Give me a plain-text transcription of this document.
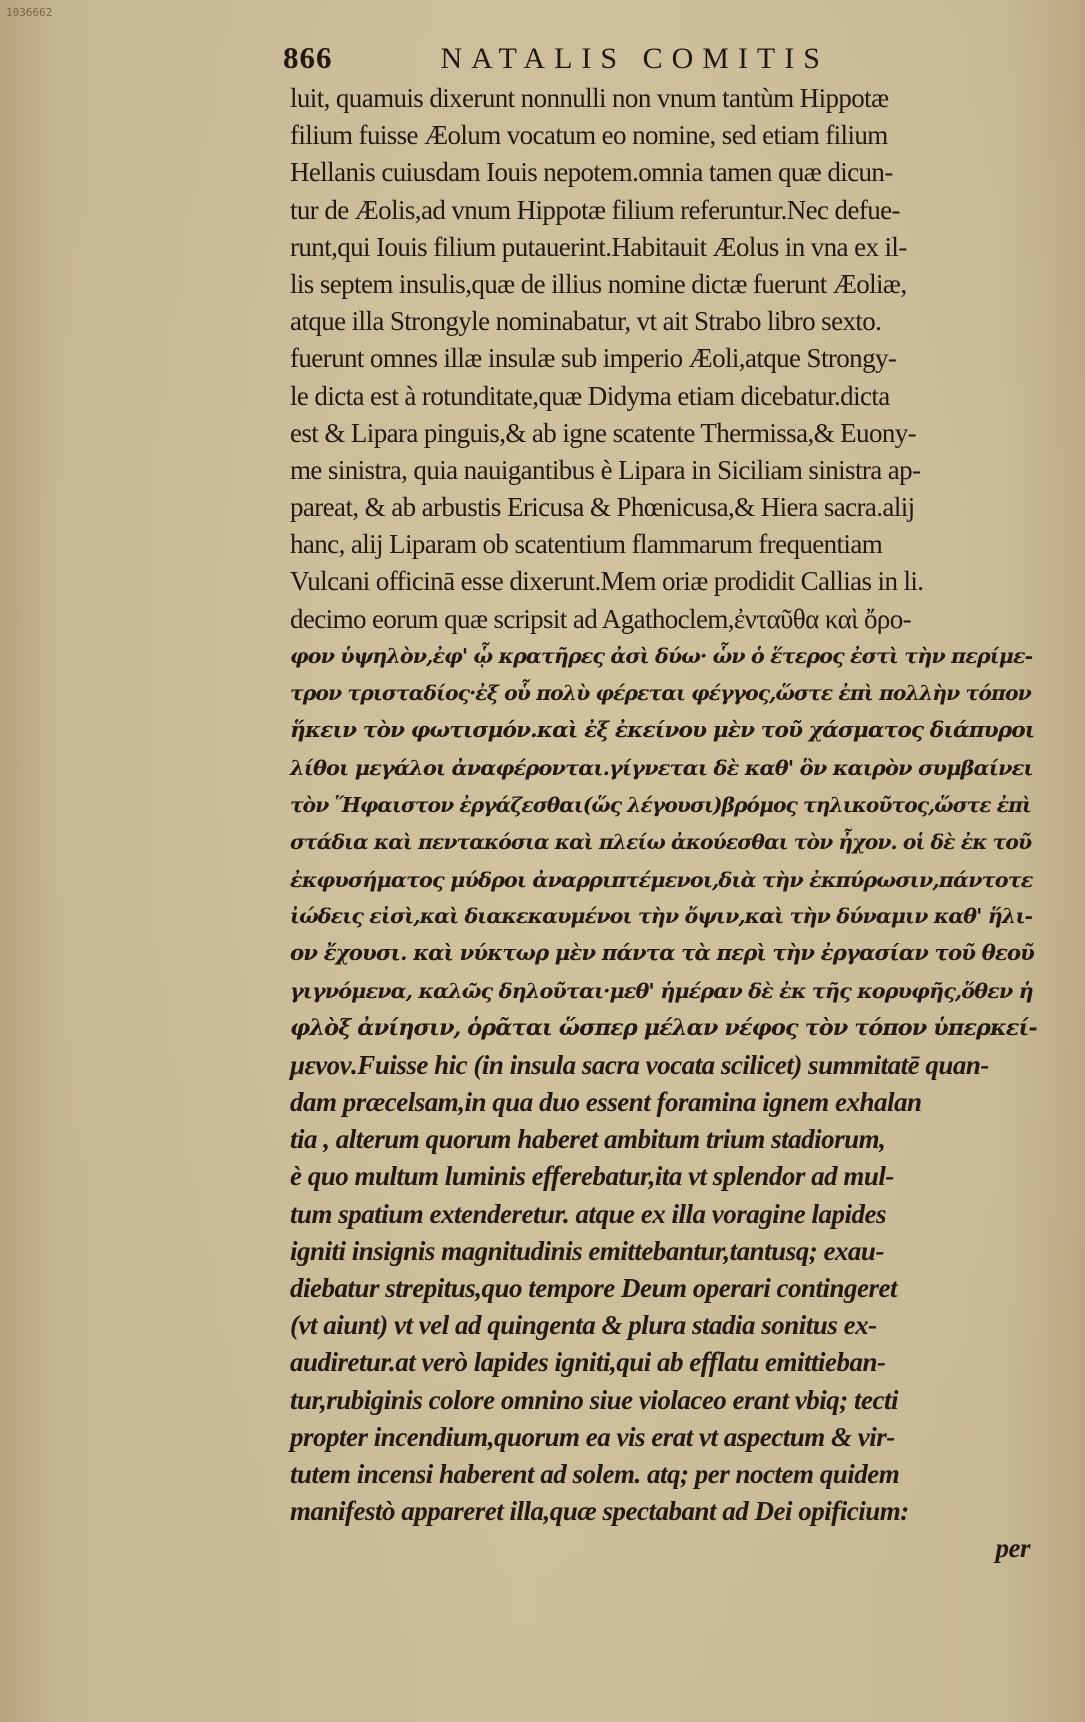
1036662
866	NATALIS COMITIS
luit, quamuis dixerunt nonnulli non vnum tantùm Hippotæ
filium fuisse Æolum vocatum eo nomine, sed etiam filium
Hellanis cuiusdam Iouis nepotem.omnia tamen quæ dicun-
tur de Æolis,ad vnum Hippotæ filium referuntur.Nec defue-
runt,qui Iouis filium putauerint.Habitauit Æolus in vna ex il-
lis septem insulis,quæ de illius nomine dictæ fuerunt Æoliæ,
atque illa Strongyle nominabatur, vt ait Strabo libro sexto.
fuerunt omnes illæ insulæ sub imperio Æoli,atque Strongy-
le dicta est à rotunditate,quæ Didyma etiam dicebatur.dicta
est & Lipara pinguis,& ab igne scatente Thermissa,& Euony-
me sinistra, quia nauigantibus è Lipara in Siciliam sinistra ap-
pareat, & ab arbustis Ericusa & Phœnicusa,& Hiera sacra.alij
hanc, alij Liparam ob scatentium flammarum frequentiam
Vulcani officinā esse dixerunt.Mem oriæ prodidit Callias in li.
decimo eorum quæ scripsit ad Agathoclem,ἐνταῦθα καὶ ὄρο-
φον ὑψηλὸν,ἐφ' ᾧ κρατῆρες ἀσὶ δύω· ὧν ὁ ἕτερος ἐστὶ τὴν περίμε-
τρον τρισταδίος·ἐξ οὗ πολὺ φέρεται φέγγος,ὥστε ἐπὶ πολλὴν τόπον
ἥκειν τὸν φωτισμόν.καὶ ἐξ ἐκείνου μὲν τοῦ χάσματος διάπυροι
λίθοι μεγάλοι ἀναφέρονται.γίγνεται δὲ καθ' ὃν καιρὸν συμβαίνει
τὸν Ἥφαιστον ἐργάζεσθαι(ὥς λέγουσι)βρόμος τηλικοῦτος,ὥστε ἐπὶ
στάδια καὶ πεντακόσια καὶ πλείω ἀκούεσθαι τὸν ἦχον. οἱ δὲ ἐκ τοῦ
ἐκφυσήματος μύδροι ἀναρριπτέμενοι,διὰ τὴν ἐκπύρωσιν,πάντοτε
ἰώδεις εἰσὶ,καὶ διακεκαυμένοι τὴν ὄψιν,καὶ τὴν δύναμιν καθ' ἥλι-
ον ἔχουσι. καὶ νύκτωρ μὲν πάντα τὰ περὶ τὴν ἐργασίαν τοῦ θεοῦ
γιγνόμενα, καλῶς δηλοῦται·μεθ' ἡμέραν δὲ ἐκ τῆς κορυφῆς,ὅθεν ἡ
φλὸξ ἀνίησιν, ὁρᾶται ὥσπερ μέλαν νέφος τὸν τόπον ὑπερκεί-
μενον.Fuisse hic (in insula sacra vocata scilicet) summitatē quan-
dam præcelsam,in qua duo essent foramina ignem exhalan
tia , alterum quorum haberet ambitum trium stadiorum,
è quo multum luminis efferebatur,ita vt splendor ad mul-
tum spatium extenderetur. atque ex illa voragine lapides
igniti insignis magnitudinis emittebantur,tantusq; exau-
diebatur strepitus,quo tempore Deum operari contingeret
(vt aiunt) vt vel ad quingenta & plura stadia sonitus ex-
audiretur.at verò lapides igniti,qui ab efflatu emittieban-
tur,rubiginis colore omnino siue violaceo erant vbiq; tecti
propter incendium,quorum ea vis erat vt aspectum & vir-
tutem incensi haberent ad solem. atq; per noctem quidem
manifestò appareret illa,quæ spectabant ad Dei opificium:
per
